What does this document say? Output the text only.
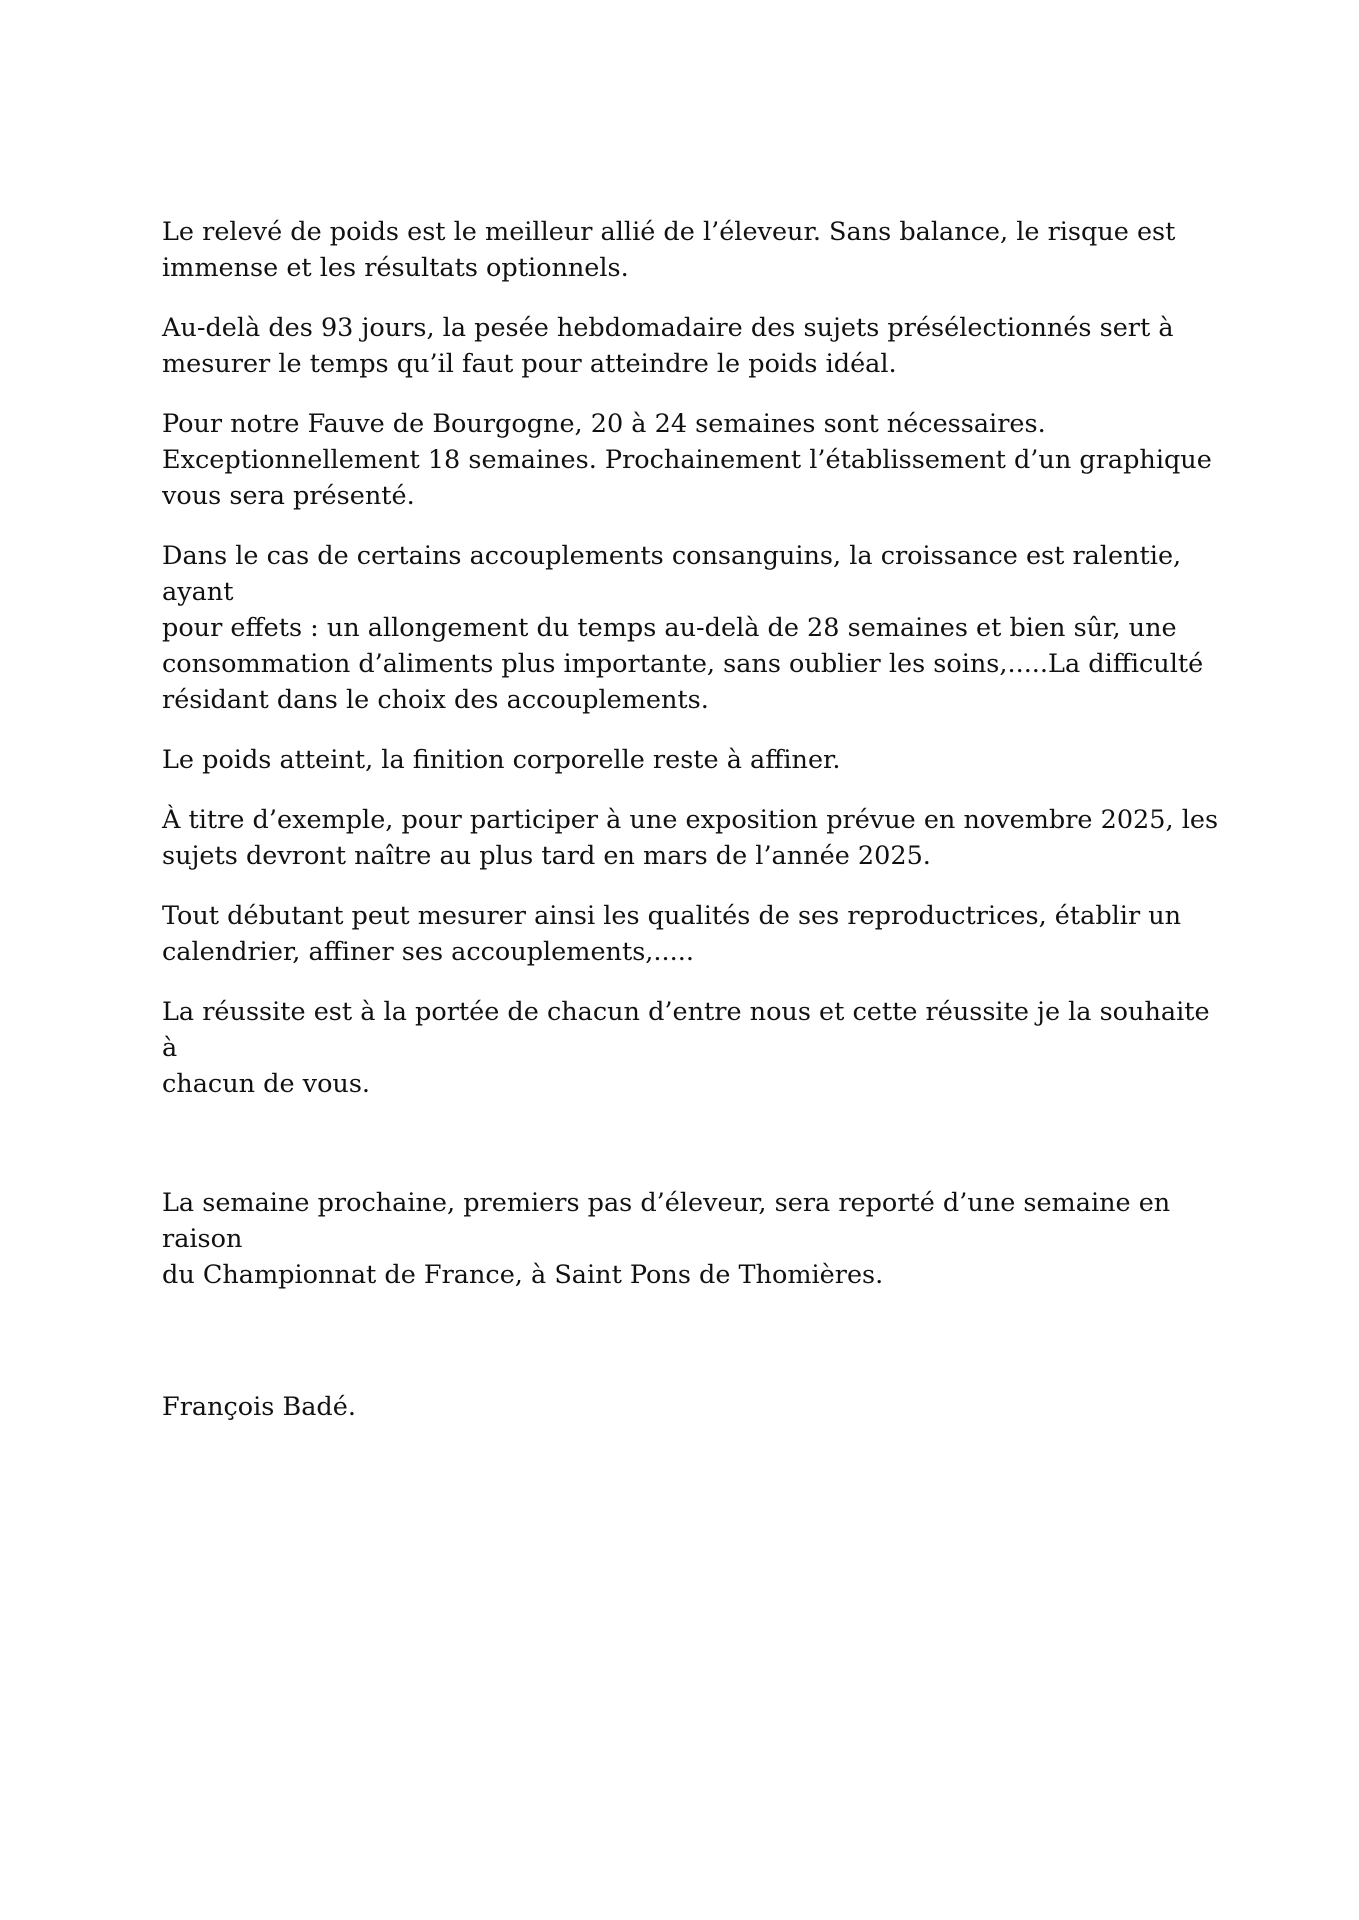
Le relevé de poids est le meilleur allié de l’éleveur. Sans balance, le risque est
immense et les résultats optionnels.

Au-delà des 93 jours, la pesée hebdomadaire des sujets présélectionnés sert à
mesurer le temps qu’il faut pour atteindre le poids idéal.

Pour notre Fauve de Bourgogne, 20 à 24 semaines sont nécessaires.
Exceptionnellement 18 semaines. Prochainement l’établissement d’un graphique
vous sera présenté.

Dans le cas de certains accouplements consanguins, la croissance est ralentie, ayant
pour effets : un allongement du temps au-delà de 28 semaines et bien sûr, une
consommation d’aliments plus importante, sans oublier les soins,.....La difficulté
résidant dans le choix des accouplements.

Le poids atteint, la finition corporelle reste à affiner.

À titre d’exemple, pour participer à une exposition prévue en novembre 2025, les
sujets devront naître au plus tard en mars de l’année 2025.

Tout débutant peut mesurer ainsi les qualités de ses reproductrices, établir un
calendrier, affiner ses accouplements,.....

La réussite est à la portée de chacun d’entre nous et cette réussite je la souhaite à
chacun de vous.

La semaine prochaine, premiers pas d’éleveur, sera reporté d’une semaine en raison
du Championnat de France, à Saint Pons de Thomières.

François Badé.
